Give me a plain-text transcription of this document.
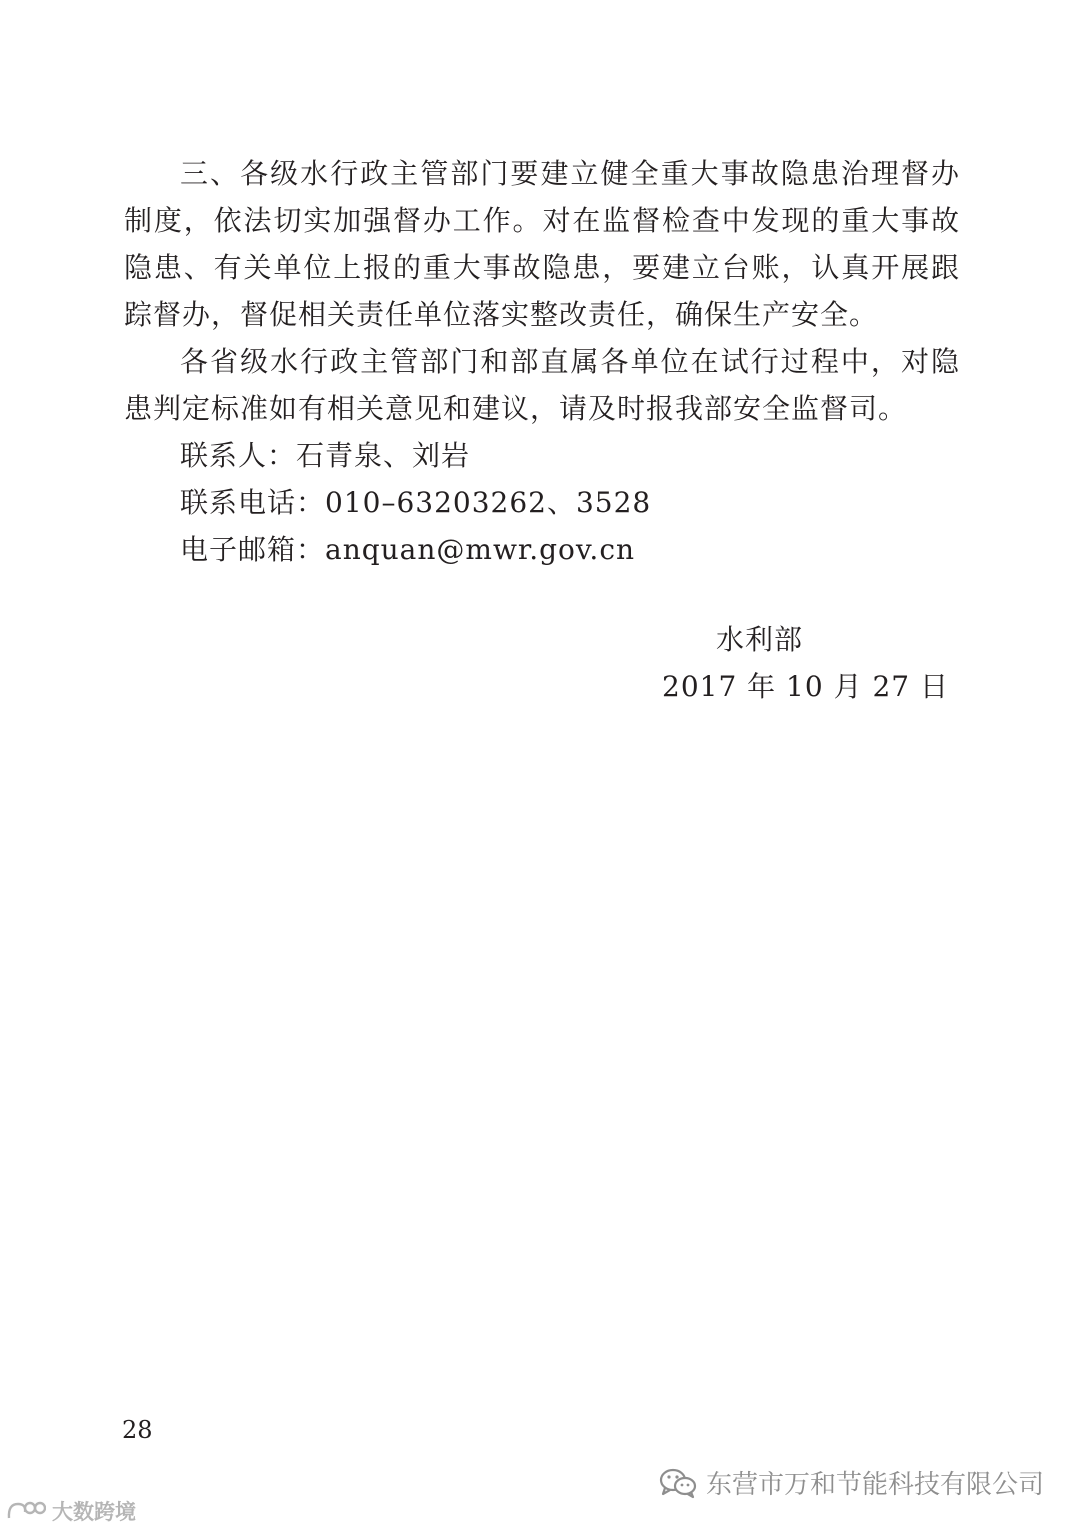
三、各级水行政主管部门要建立健全重大事故隐患治理督办制度，依法切实加强督办工作。对在监督检查中发现的重大事故隐患、有关单位上报的重大事故隐患，要建立台账，认真开展跟踪督办，督促相关责任单位落实整改责任，确保生产安全。

各省级水行政主管部门和部直属各单位在试行过程中，对隐患判定标准如有相关意见和建议，请及时报我部安全监督司。

联系人：石青泉、刘岩

联系电话：010–63203262、3528

电子邮箱：anquan@mwr.gov.cn

水利部
2017 年 10 月 27 日
28
东营市万和节能科技有限公司
大数跨境
